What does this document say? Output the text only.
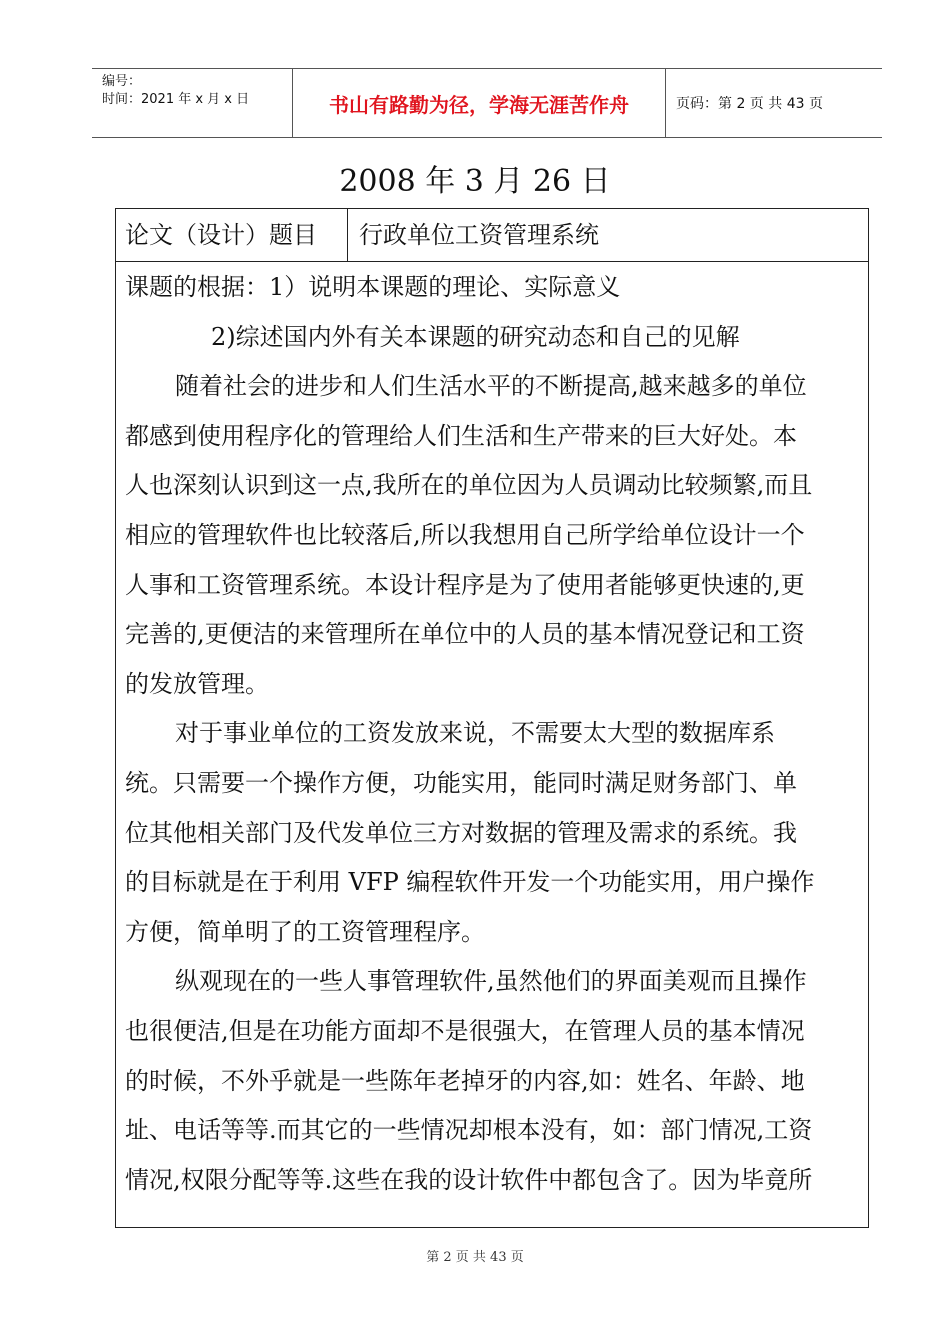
编号：
时间：2021 年 x 月 x 日	书山有路勤为径，学海无涯苦作舟	页码：第 2 页 共 43 页
2008 年 3 月 26 日
论文（设计）题目	行政单位工资管理系统

课题的根据：1）说明本课题的理论、实际意义

2)综述国内外有关本课题的研究动态和自己的见解

随着社会的进步和人们生活水平的不断提高,越来越多的单位

都感到使用程序化的管理给人们生活和生产带来的巨大好处。本

人也深刻认识到这一点,我所在的单位因为人员调动比较频繁,而且

相应的管理软件也比较落后,所以我想用自己所学给单位设计一个

人事和工资管理系统。本设计程序是为了使用者能够更快速的,更

完善的,更便洁的来管理所在单位中的人员的基本情况登记和工资

的发放管理。

对于事业单位的工资发放来说，不需要太大型的数据库系

统。只需要一个操作方便，功能实用，能同时满足财务部门、单

位其他相关部门及代发单位三方对数据的管理及需求的系统。我

的目标就是在于利用 VFP 编程软件开发一个功能实用，用户操作

方便，简单明了的工资管理程序。

纵观现在的一些人事管理软件,虽然他们的界面美观而且操作

也很便洁,但是在功能方面却不是很强大，在管理人员的基本情况

的时候，不外乎就是一些陈年老掉牙的内容,如：姓名、年龄、地

址、电话等等.而其它的一些情况却根本没有，如：部门情况,工资

情况,权限分配等等.这些在我的设计软件中都包含了。因为毕竟所

第 2 页 共 43 页
